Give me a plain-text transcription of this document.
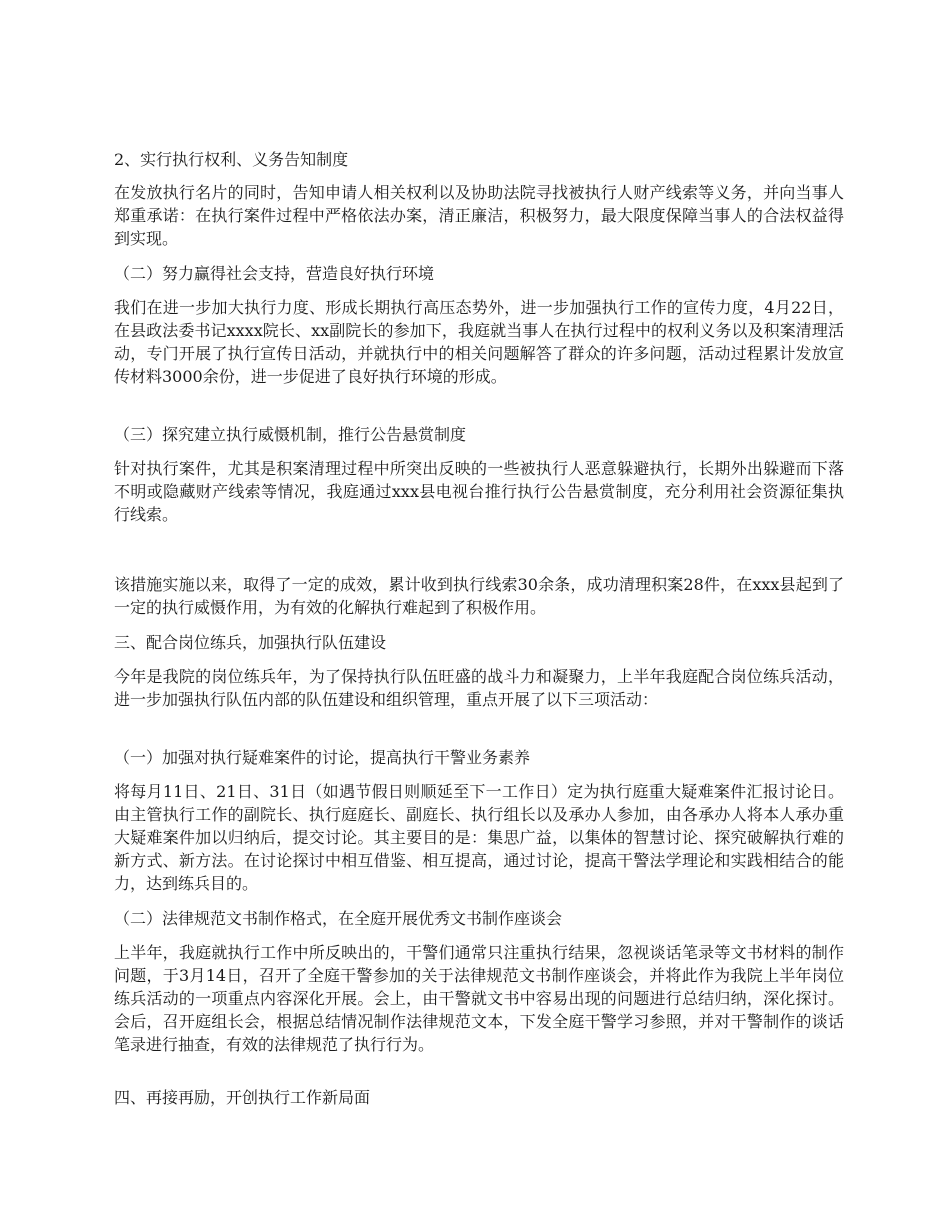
2、实行执行权利、义务告知制度

在发放执行名片的同时，告知申请人相关权利以及协助法院寻找被执行人财产线索等义务，并向当事人郑重承诺：在执行案件过程中严格依法办案，清正廉洁，积极努力，最大限度保障当事人的合法权益得到实现。

（二）努力赢得社会支持，营造良好执行环境

我们在进一步加大执行力度、形成长期执行高压态势外，进一步加强执行工作的宣传力度，4月22日，在县政法委书记xxxx院长、xx副院长的参加下，我庭就当事人在执行过程中的权利义务以及积案清理活动，专门开展了执行宣传日活动，并就执行中的相关问题解答了群众的许多问题，活动过程累计发放宣传材料3000余份，进一步促进了良好执行环境的形成。

（三）探究建立执行威慑机制，推行公告悬赏制度

针对执行案件，尤其是积案清理过程中所突出反映的一些被执行人恶意躲避执行，长期外出躲避而下落不明或隐藏财产线索等情况，我庭通过xxx县电视台推行执行公告悬赏制度，充分利用社会资源征集执行线索。

该措施实施以来，取得了一定的成效，累计收到执行线索30余条，成功清理积案28件，在xxx县起到了一定的执行威慑作用，为有效的化解执行难起到了积极作用。

三、配合岗位练兵，加强执行队伍建设

今年是我院的岗位练兵年，为了保持执行队伍旺盛的战斗力和凝聚力，上半年我庭配合岗位练兵活动，进一步加强执行队伍内部的队伍建设和组织管理，重点开展了以下三项活动：

（一）加强对执行疑难案件的讨论，提高执行干警业务素养

将每月11日、21日、31日（如遇节假日则顺延至下一工作日）定为执行庭重大疑难案件汇报讨论日。由主管执行工作的副院长、执行庭庭长、副庭长、执行组长以及承办人参加，由各承办人将本人承办重大疑难案件加以归纳后，提交讨论。其主要目的是：集思广益，以集体的智慧讨论、探究破解执行难的新方式、新方法。在讨论探讨中相互借鉴、相互提高，通过讨论，提高干警法学理论和实践相结合的能力，达到练兵目的。

（二）法律规范文书制作格式，在全庭开展优秀文书制作座谈会

上半年，我庭就执行工作中所反映出的，干警们通常只注重执行结果，忽视谈话笔录等文书材料的制作问题，于3月14日，召开了全庭干警参加的关于法律规范文书制作座谈会，并将此作为我院上半年岗位练兵活动的一项重点内容深化开展。会上，由干警就文书中容易出现的问题进行总结归纳，深化探讨。会后，召开庭组长会，根据总结情况制作法律规范文本，下发全庭干警学习参照，并对干警制作的谈话笔录进行抽查，有效的法律规范了执行行为。

四、再接再励，开创执行工作新局面
